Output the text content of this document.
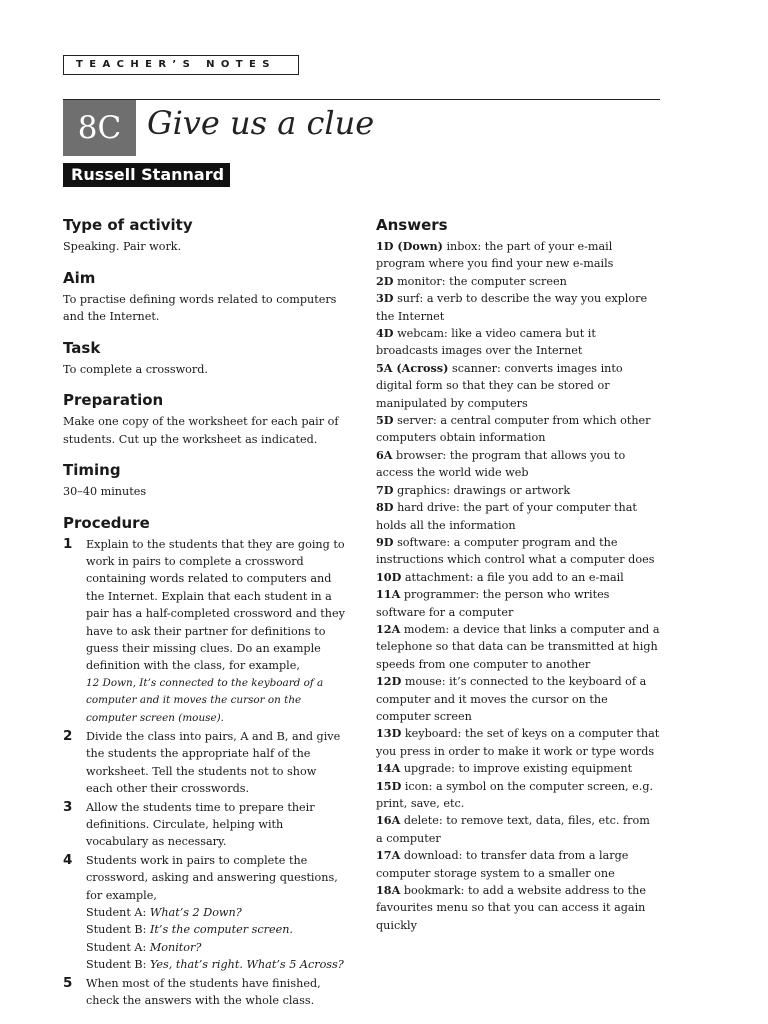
TEACHER’S NOTES
8C Give us a clue
Russell Stannard
Type of activity

Speaking. Pair work.

Aim

To practise defining words related to computers and the Internet.

Task

To complete a crossword.

Preparation

Make one copy of the worksheet for each pair of students. Cut up the worksheet as indicated.

Timing

30–40 minutes

Procedure
1 Explain to the students that they are going to work in pairs to complete a crossword containing words related to computers and the Internet. Explain that each student in a pair has a half-completed crossword and they have to ask their partner for definitions to guess their missing clues. Do an example definition with the class, for example,
12 Down, It’s connected to the keyboard of a computer and it moves the cursor on the computer screen (mouse).
2 Divide the class into pairs, A and B, and give the students the appropriate half of the worksheet. Tell the students not to show each other their crosswords.
3 Allow the students time to prepare their definitions. Circulate, helping with vocabulary as necessary.
4 Students work in pairs to complete the crossword, asking and answering questions, for example,
Student A: What’s 2 Down?
Student B: It’s the computer screen.
Student A: Monitor?
Student B: Yes, that’s right. What’s 5 Across?
5 When most of the students have finished, check the answers with the whole class.
Answers
1D (Down) inbox: the part of your e-mail program where you find your new e-mails
2D monitor: the computer screen
3D surf: a verb to describe the way you explore the Internet
4D webcam: like a video camera but it broadcasts images over the Internet
5A (Across) scanner: converts images into digital form so that they can be stored or manipulated by computers
5D server: a central computer from which other computers obtain information
6A browser: the program that allows you to access the world wide web
7D graphics: drawings or artwork
8D hard drive: the part of your computer that holds all the information
9D software: a computer program and the instructions which control what a computer does
10D attachment: a file you add to an e-mail
11A programmer: the person who writes software for a computer
12A modem: a device that links a computer and a telephone so that data can be transmitted at high speeds from one computer to another
12D mouse: it’s connected to the keyboard of a computer and it moves the cursor on the computer screen
13D keyboard: the set of keys on a computer that you press in order to make it work or type words
14A upgrade: to improve existing equipment
15D icon: a symbol on the computer screen, e.g. print, save, etc.
16A delete: to remove text, data, files, etc. from a computer
17A download: to transfer data from a large computer storage system to a smaller one
18A bookmark: to add a website address to the favourites menu so that you can access it again quickly
